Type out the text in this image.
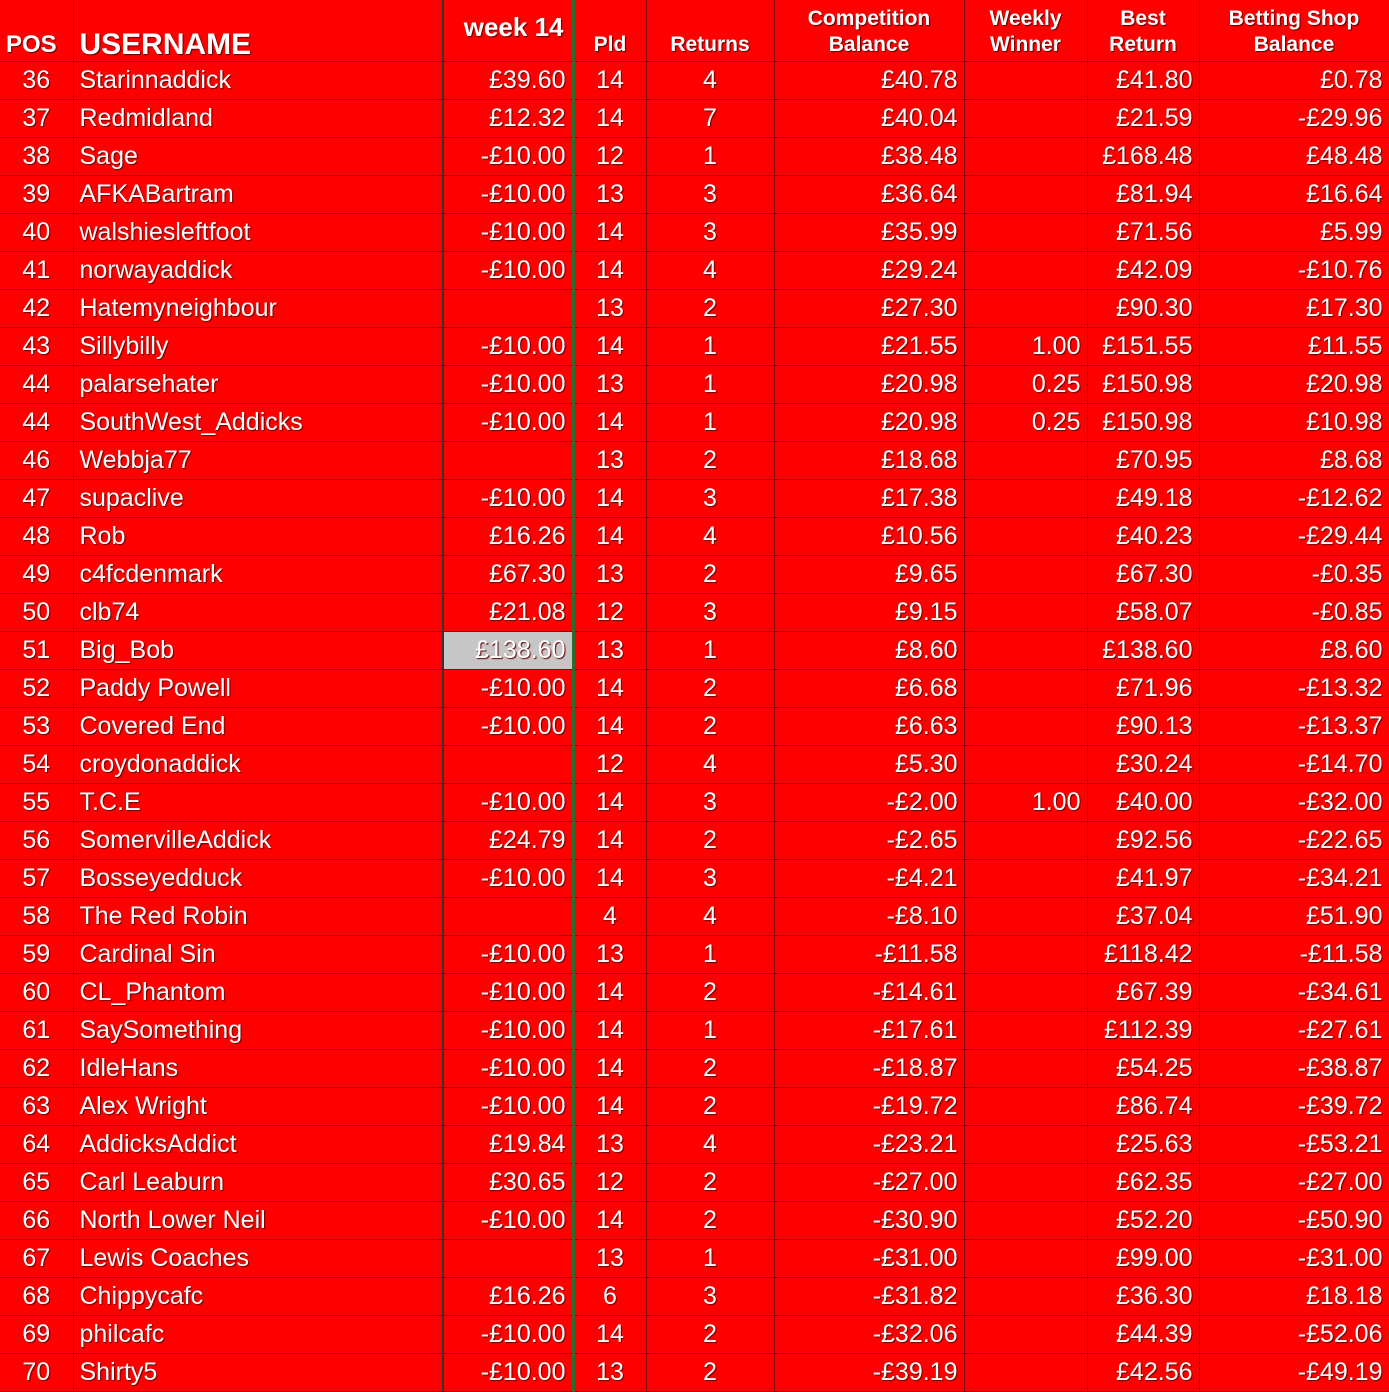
POS	USERNAME	week 14	Pld	Returns	Competition Balance	Weekly Winner	Best Return	Betting Shop Balance
36	Starinnaddick	£39.60	14	4	£40.78		£41.80	£0.78
37	Redmidland	£12.32	14	7	£40.04		£21.59	-£29.96
38	Sage	-£10.00	12	1	£38.48		£168.48	£48.48
39	AFKABartram	-£10.00	13	3	£36.64		£81.94	£16.64
40	walshiesleftfoot	-£10.00	14	3	£35.99		£71.56	£5.99
41	norwayaddick	-£10.00	14	4	£29.24		£42.09	-£10.76
42	Hatemyneighbour		13	2	£27.30		£90.30	£17.30
43	Sillybilly	-£10.00	14	1	£21.55	1.00	£151.55	£11.55
44	palarsehater	-£10.00	13	1	£20.98	0.25	£150.98	£20.98
44	SouthWest_Addicks	-£10.00	14	1	£20.98	0.25	£150.98	£10.98
46	Webbja77		13	2	£18.68		£70.95	£8.68
47	supaclive	-£10.00	14	3	£17.38		£49.18	-£12.62
48	Rob	£16.26	14	4	£10.56		£40.23	-£29.44
49	c4fcdenmark	£67.30	13	2	£9.65		£67.30	-£0.35
50	clb74	£21.08	12	3	£9.15		£58.07	-£0.85
51	Big_Bob	£138.60	13	1	£8.60		£138.60	£8.60
52	Paddy Powell	-£10.00	14	2	£6.68		£71.96	-£13.32
53	Covered End	-£10.00	14	2	£6.63		£90.13	-£13.37
54	croydonaddick		12	4	£5.30		£30.24	-£14.70
55	T.C.E	-£10.00	14	3	-£2.00	1.00	£40.00	-£32.00
56	SomervilleAddick	£24.79	14	2	-£2.65		£92.56	-£22.65
57	Bosseyedduck	-£10.00	14	3	-£4.21		£41.97	-£34.21
58	The Red Robin		4	4	-£8.10		£37.04	£51.90
59	Cardinal Sin	-£10.00	13	1	-£11.58		£118.42	-£11.58
60	CL_Phantom	-£10.00	14	2	-£14.61		£67.39	-£34.61
61	SaySomething	-£10.00	14	1	-£17.61		£112.39	-£27.61
62	IdleHans	-£10.00	14	2	-£18.87		£54.25	-£38.87
63	Alex Wright	-£10.00	14	2	-£19.72		£86.74	-£39.72
64	AddicksAddict	£19.84	13	4	-£23.21		£25.63	-£53.21
65	Carl Leaburn	£30.65	12	2	-£27.00		£62.35	-£27.00
66	North Lower Neil	-£10.00	14	2	-£30.90		£52.20	-£50.90
67	Lewis Coaches		13	1	-£31.00		£99.00	-£31.00
68	Chippycafc	£16.26	6	3	-£31.82		£36.30	£18.18
69	philcafc	-£10.00	14	2	-£32.06		£44.39	-£52.06
70	Shirty5	-£10.00	13	2	-£39.19		£42.56	-£49.19
